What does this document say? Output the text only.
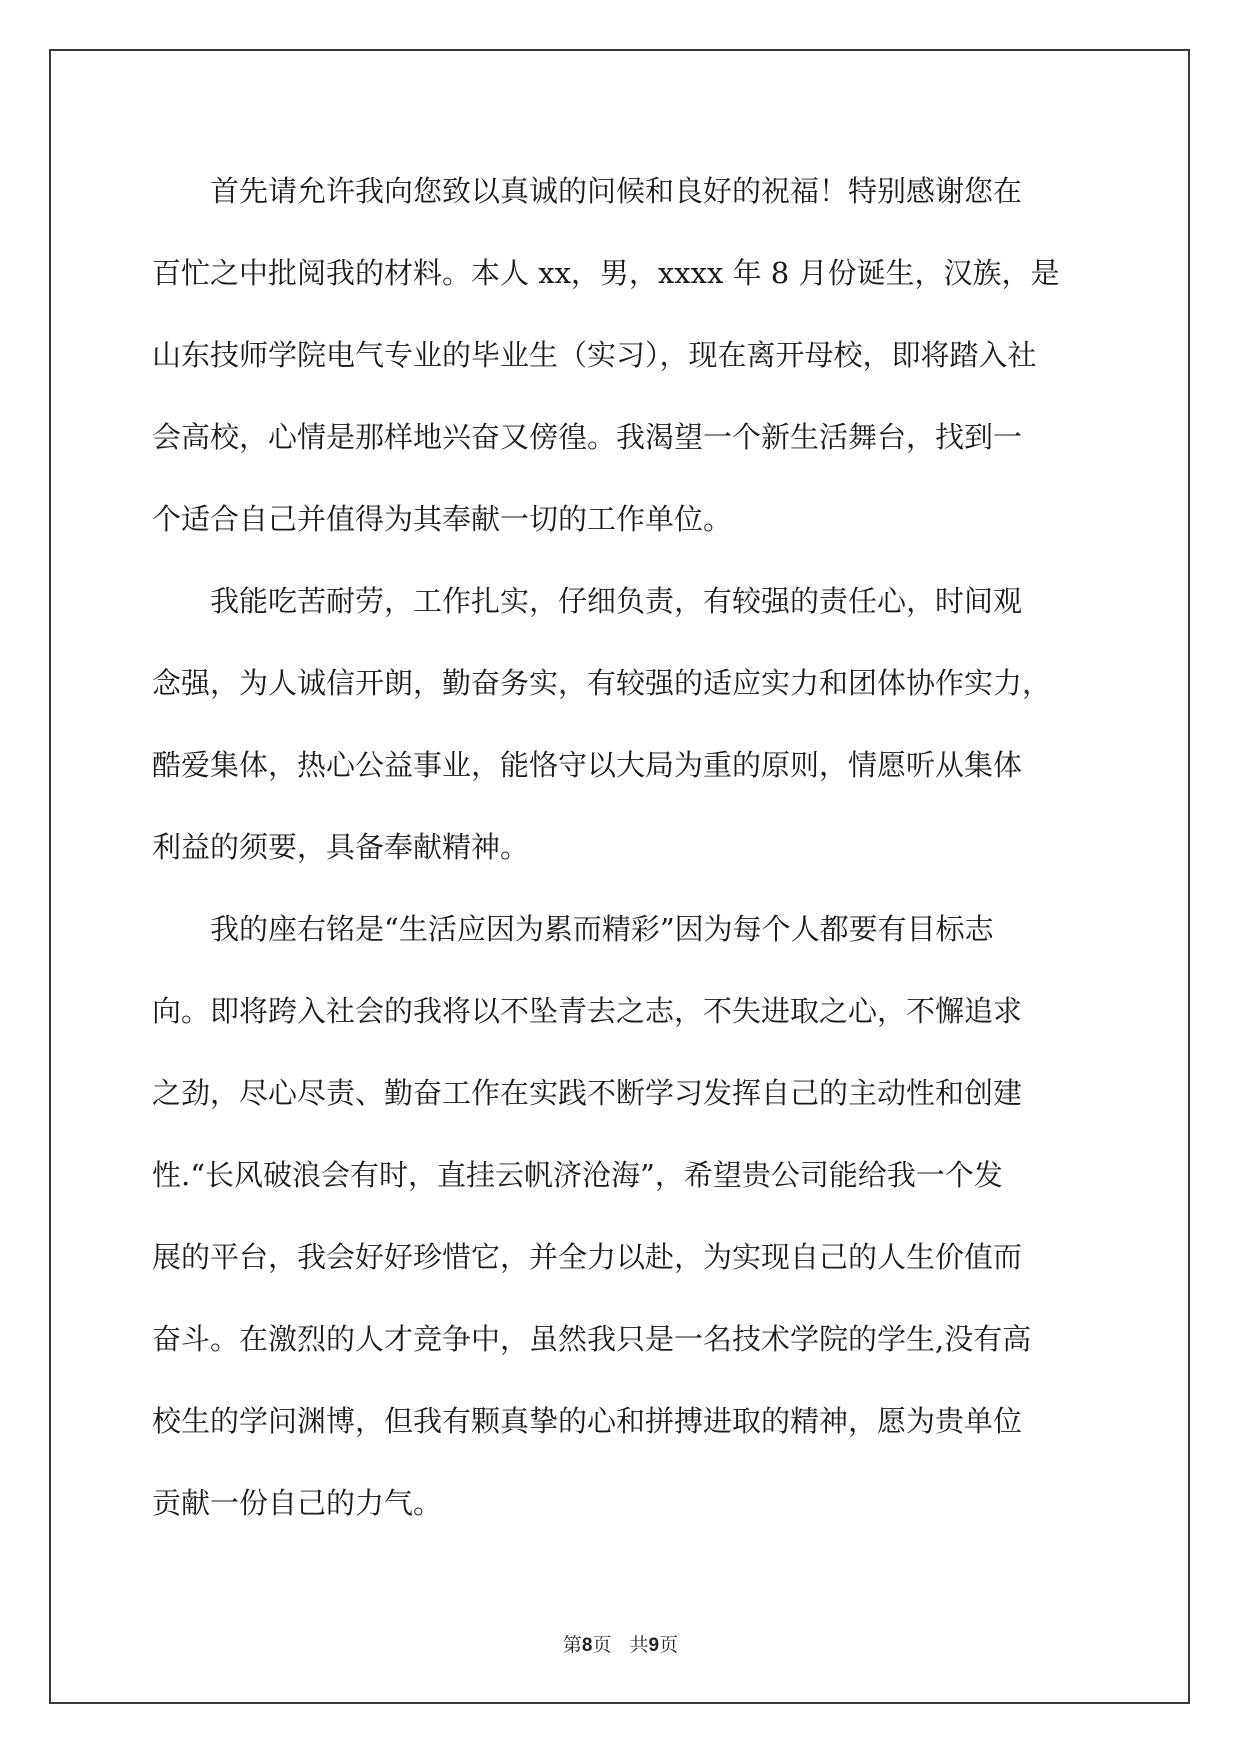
首先请允许我向您致以真诚的问候和良好的祝福！特别感谢您在
百忙之中批阅我的材料。本人 xx，男，xxxx 年 8 月份诞生，汉族，是
山东技师学院电气专业的毕业生（实习），现在离开母校，即将踏入社
会高校，心情是那样地兴奋又傍徨。我渴望一个新生活舞台，找到一
个适合自己并值得为其奉献一切的工作单位。
我能吃苦耐劳，工作扎实，仔细负责，有较强的责任心，时间观
念强，为人诚信开朗，勤奋务实，有较强的适应实力和团体协作实力，
酷爱集体，热心公益事业，能恪守以大局为重的原则，情愿听从集体
利益的须要，具备奉献精神。
我的座右铭是“生活应因为累而精彩”因为每个人都要有目标志
向。即将跨入社会的我将以不坠青去之志，不失进取之心，不懈追求
之劲，尽心尽责、勤奋工作在实践不断学习发挥自己的主动性和创建
性.“长风破浪会有时，直挂云帆济沧海”，希望贵公司能给我一个发
展的平台，我会好好珍惜它，并全力以赴，为实现自己的人生价值而
奋斗。在激烈的人才竞争中，虽然我只是一名技术学院的学生,没有高
校生的学问渊博，但我有颗真挚的心和拼搏进取的精神，愿为贵单位
贡献一份自己的力气。
第8页 共9页
